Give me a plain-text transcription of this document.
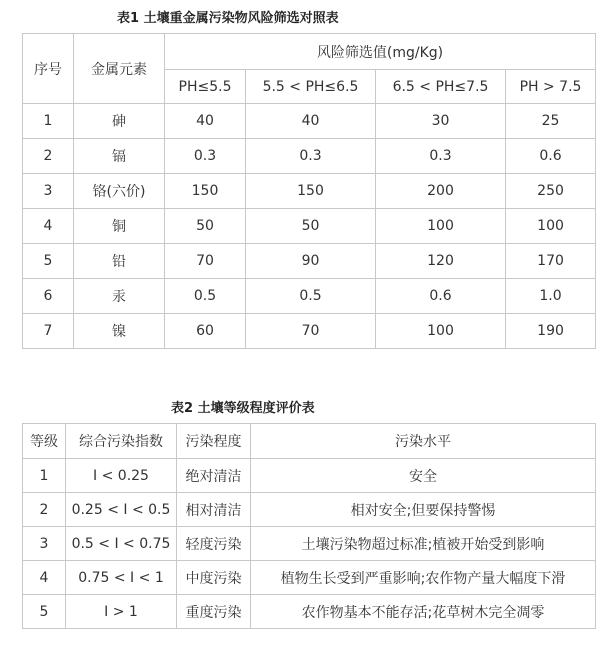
表1 土壤重金属污染物风险筛选对照表
序号	金属元素	风险筛选值(mg/Kg)			
		PH≤5.5	5.5 < PH≤6.5	6.5 < PH≤7.5	PH > 7.5
1	砷	40	40	30	25
2	镉	0.3	0.3	0.3	0.6
3	铬(六价)	150	150	200	250
4	铜	50	50	100	100
5	铅	70	90	120	170
6	汞	0.5	0.5	0.6	1.0
7	镍	60	70	100	190
表2 土壤等级程度评价表
等级	综合污染指数	污染程度	污染水平
1	I < 0.25	绝对清洁	安全
2	0.25 < I < 0.5	相对清洁	相对安全;但要保持警惕
3	0.5 < I < 0.75	轻度污染	土壤污染物超过标准;植被开始受到影响
4	0.75 < I < 1	中度污染	植物生长受到严重影响;农作物产量大幅度下滑
5	I > 1	重度污染	农作物基本不能存活;花草树木完全凋零
